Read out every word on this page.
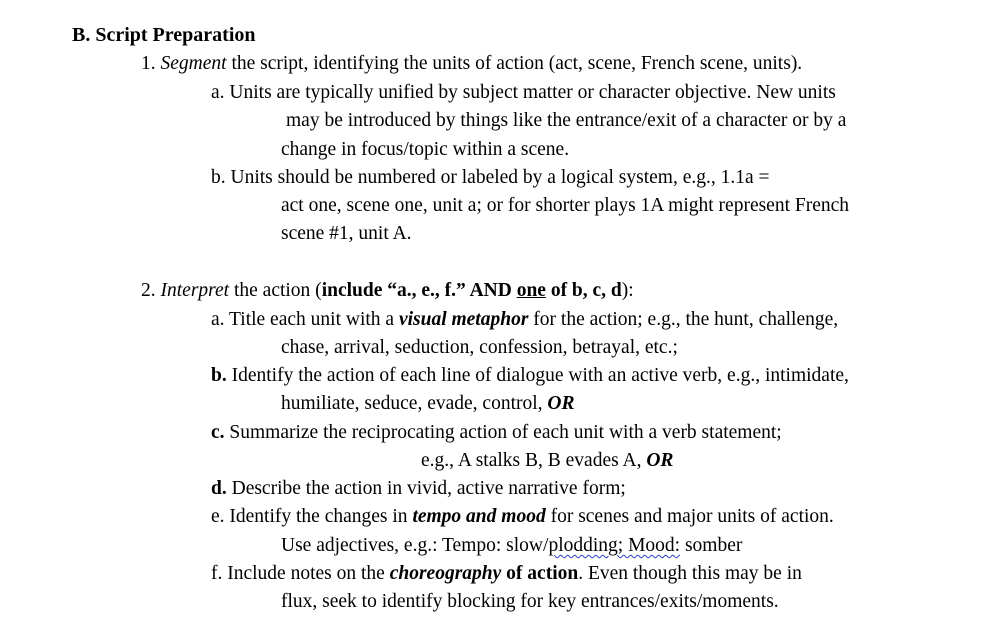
B. Script Preparation
1. Segment the script, identifying the units of action (act, scene, French scene, units).
a. Units are typically unified by subject matter or character objective. New units
may be introduced by things like the entrance/exit of a character or by a
change in focus/topic within a scene.
b. Units should be numbered or labeled by a logical system, e.g., 1.1a =
act one, scene one, unit a; or for shorter plays 1A might represent French
scene #1, unit A.
2. Interpret the action (include “a., e., f.” AND one of b, c, d):
a. Title each unit with a visual metaphor for the action; e.g., the hunt, challenge,
chase, arrival, seduction, confession, betrayal, etc.;
b. Identify the action of each line of dialogue with an active verb, e.g., intimidate,
humiliate, seduce, evade, control, OR
c. Summarize the reciprocating action of each unit with a verb statement;
e.g., A stalks B, B evades A, OR
d. Describe the action in vivid, active narrative form;
e. Identify the changes in tempo and mood for scenes and major units of action.
Use adjectives, e.g.: Tempo: slow/plodding; Mood: somber
f. Include notes on the choreography of action. Even though this may be in
flux, seek to identify blocking for key entrances/exits/moments.
